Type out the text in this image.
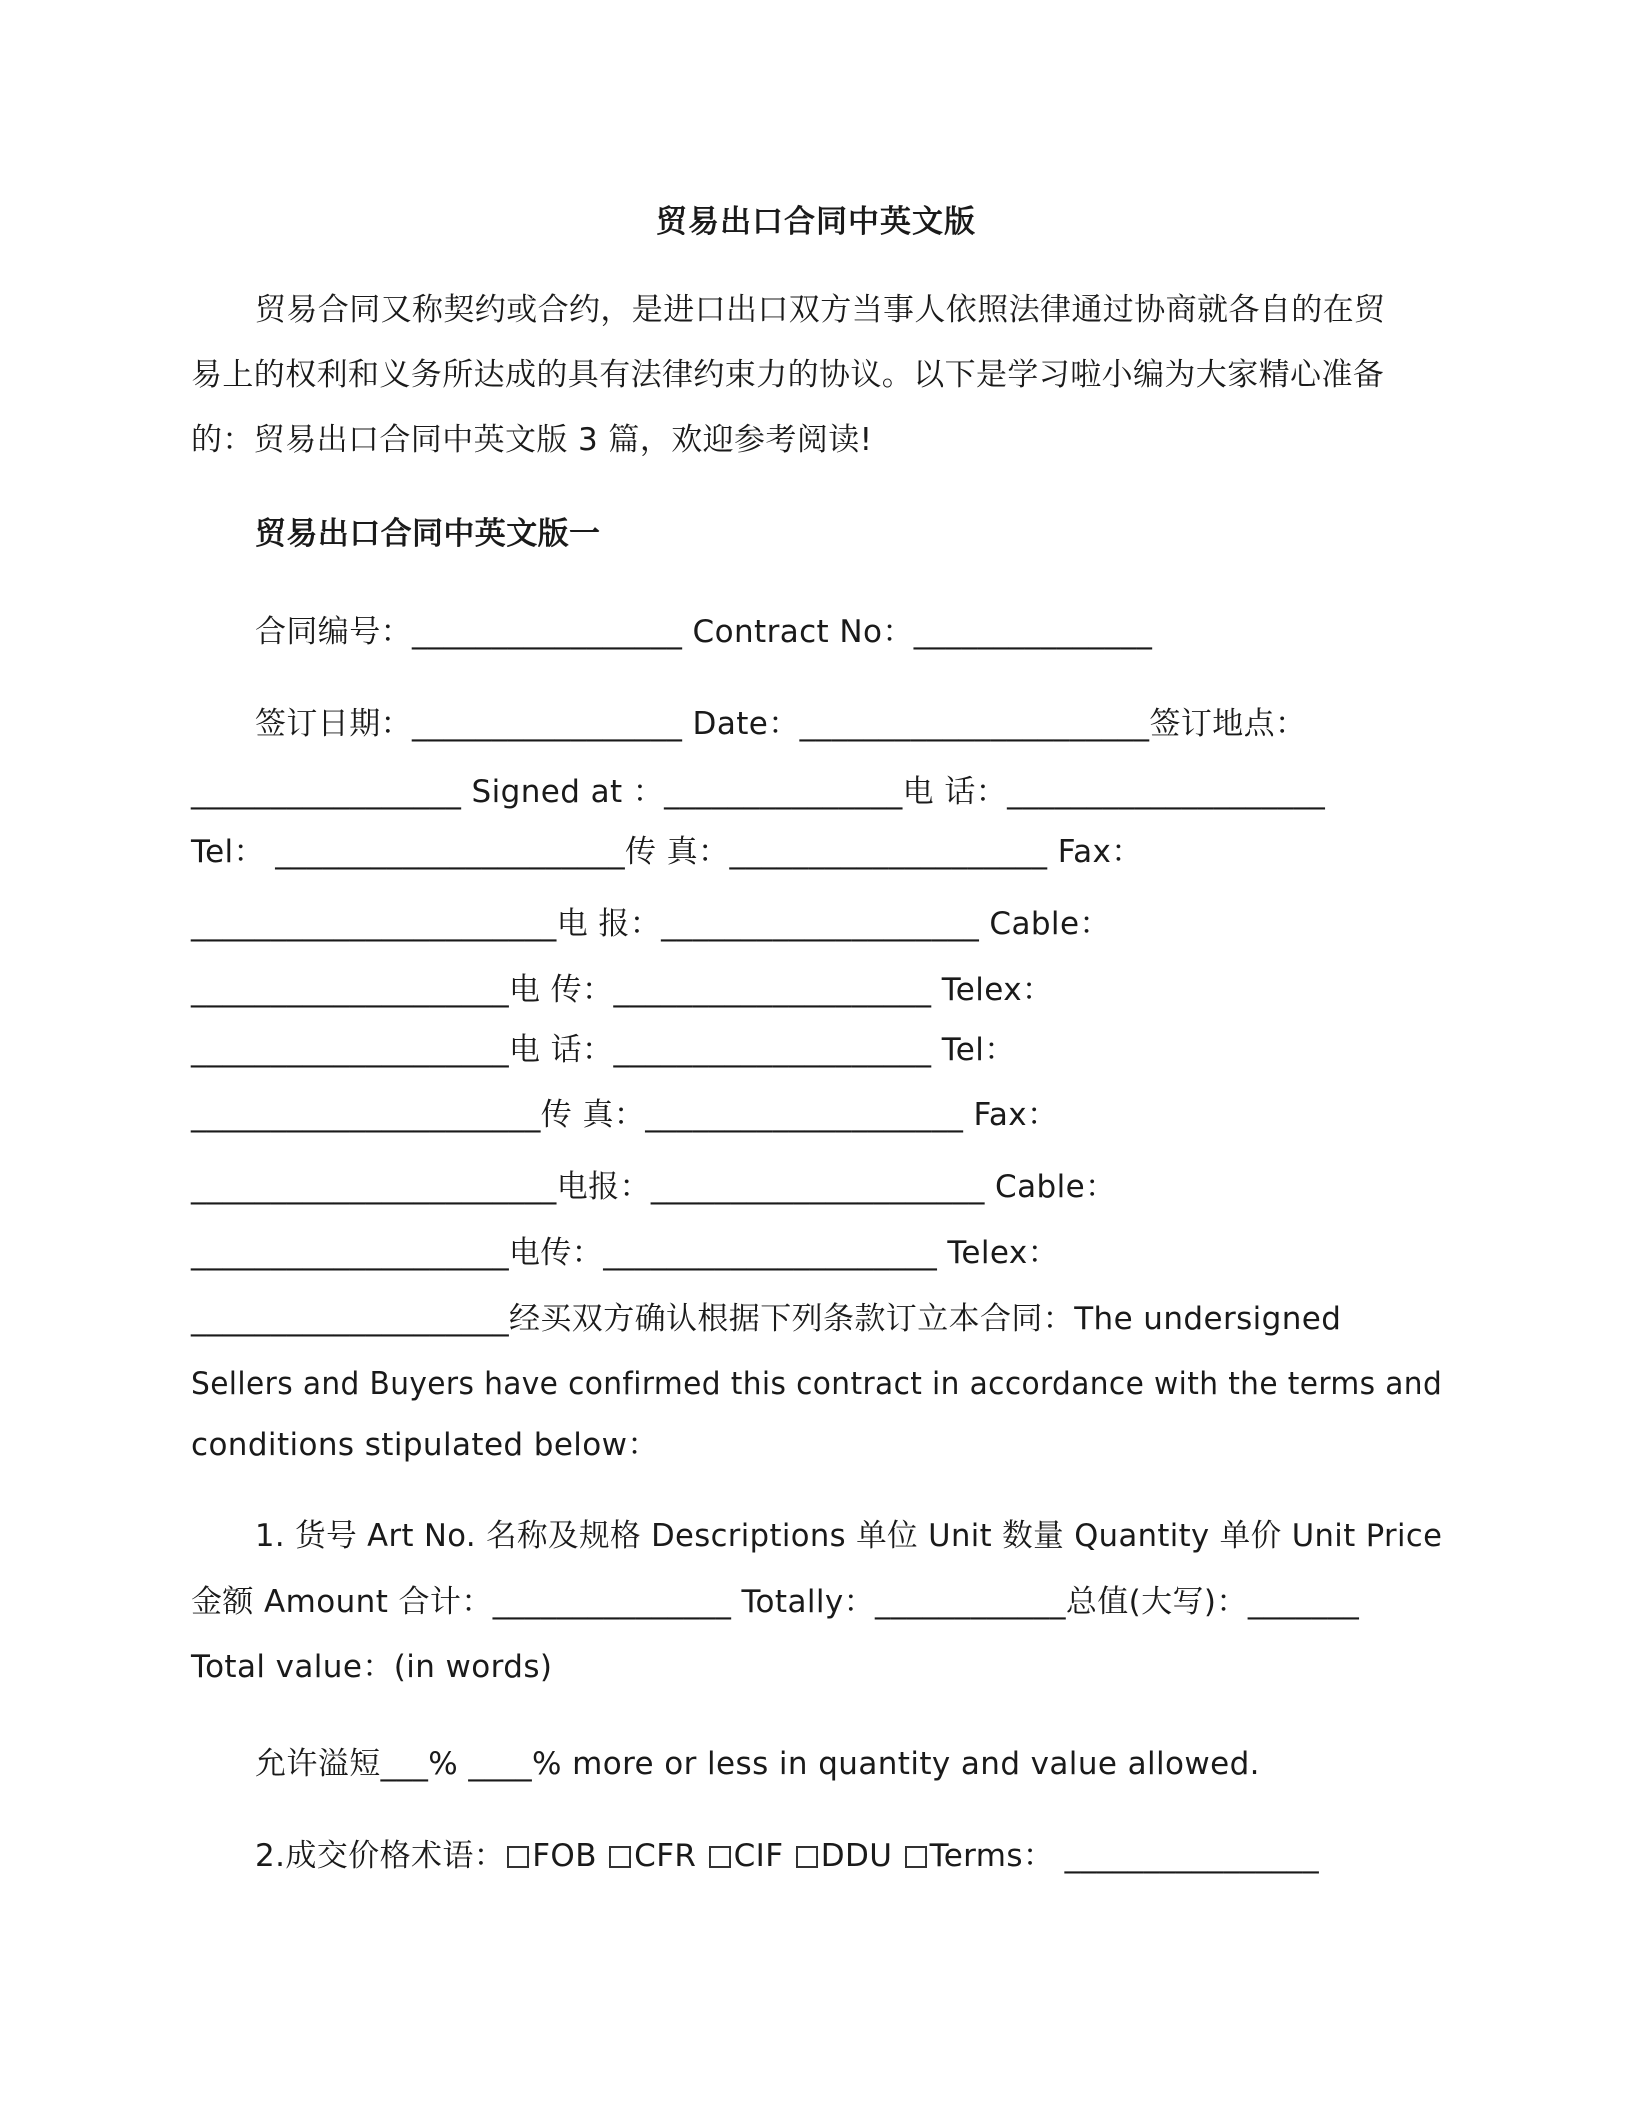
贸易出口合同中英文版
贸易合同又称契约或合约，是进口出口双方当事人依照法律通过协商就各自的在贸
易上的权利和义务所达成的具有法律约束力的协议。以下是学习啦小编为大家精心准备
的：贸易出口合同中英文版 3 篇，欢迎参考阅读!
贸易出口合同中英文版一
合同编号：_________________ Contract No：_______________
签订日期：_________________ Date：______________________签订地点：
_________________ Signed at ：_______________电 话：____________________
Tel： ______________________传 真：____________________ Fax：
_______________________电 报：____________________ Cable：
____________________电 传：____________________ Telex：
____________________电 话：____________________ Tel：
______________________传 真：____________________ Fax：
_______________________电报：_____________________ Cable：
____________________电传：_____________________ Telex：
____________________经买双方确认根据下列条款订立本合同：The undersigned
Sellers and Buyers have confirmed this contract in accordance with the terms and
conditions stipulated below：
1. 货号 Art No. 名称及规格 Descriptions 单位 Unit 数量 Quantity 单价 Unit Price
金额 Amount 合计：_______________ Totally：____________总值(大写)：_______
Total value：(in words)
允许溢短___% ____% more or less in quantity and value allowed.
2.成交价格术语： FOB CFR CIF DDU Terms： ________________
